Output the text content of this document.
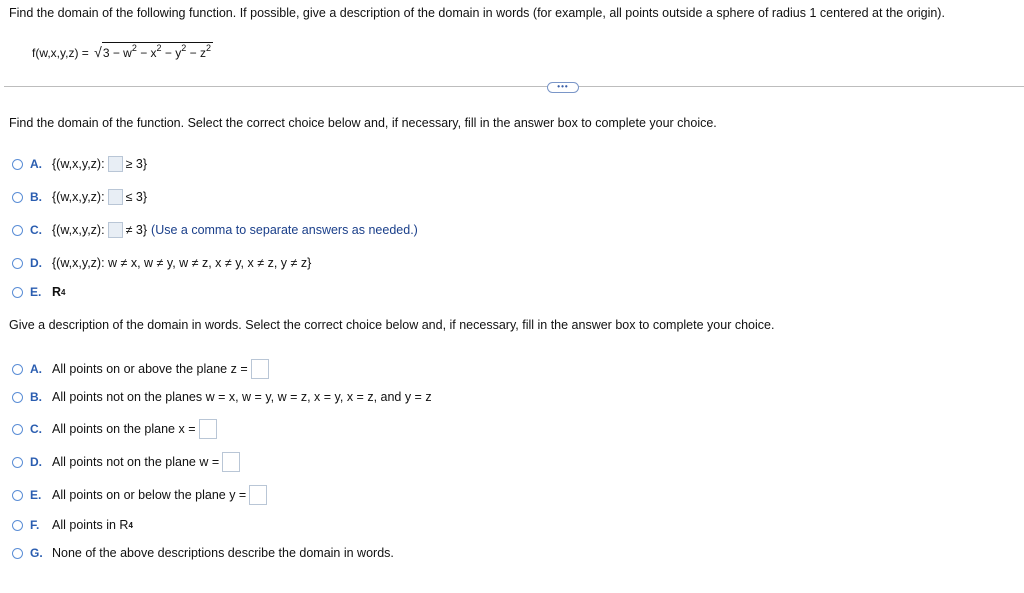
Find the domain of the following function. If possible, give a description of the domain in words (for example, all points outside a sphere of radius 1 centered at the origin).
$f(w,x,y,z) = √3 - w^2 - x^2 - y^2 - z^2$
•••
Find the domain of the function. Select the correct choice below and, if necessary, fill in the answer box to complete your choice.
A. {(w,x,y,z): ≥ 3}
B. {(w,x,y,z): ≤ 3}
C. {(w,x,y,z): ≠ 3} (Use a comma to separate answers as needed.)
D. {(w,x,y,z): w ≠ x, w ≠ y, w ≠ z, x ≠ y, x ≠ z, y ≠ z}
E. R 4
Give a description of the domain in words. Select the correct choice below and, if necessary, fill in the answer box to complete your choice.
A. All points on or above the plane z =
B. All points not on the planes w = x, w = y, w = z, x = y, x = z, and y = z
C. All points on the plane x =
D. All points not on the plane w =
E. All points on or below the plane y =
F.	All points in R 4
G. None of the above descriptions describe the domain in words.
